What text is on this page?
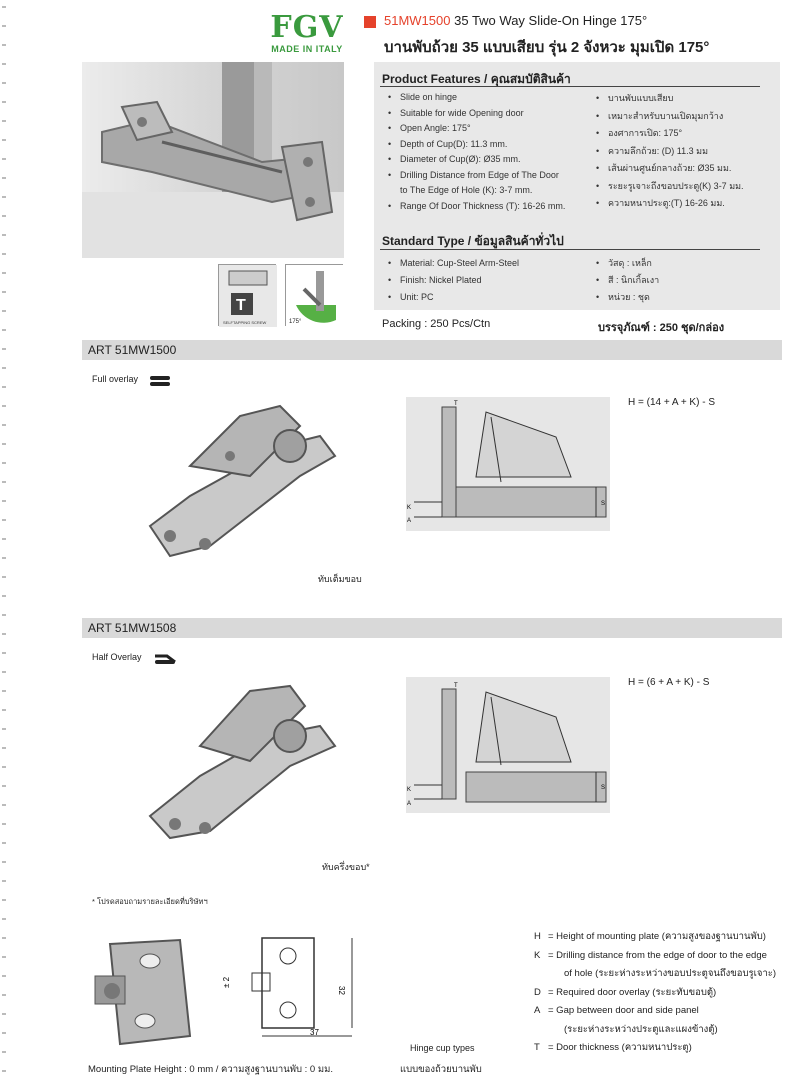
FGV
MADE IN ITALY
51MW1500 35 Two Way Slide-On Hinge 175°
บานพับถ้วย 35 แบบเสียบ รุ่น 2 จังหวะ มุมเปิด 175°
T
SELFTAPPING SCREW	175°
Product Features / คุณสมบัติสินค้า
• Slide on hinge
• Suitable for wide Opening door
• Open Angle: 175°
• Depth of Cup(D): 11.3 mm.
• Diameter of Cup(Ø): Ø35 mm.
• Drilling Distance from Edge of The Door
to The Edge of Hole (K): 3-7 mm.
• Range Of Door Thickness (T): 16-26 mm.
• บานพับแบบเสียบ
• เหมาะสำหรับบานเปิดมุมกว้าง
• องศาการเปิด: 175°
• ความลึกถ้วย: (D) 11.3 มม
• เส้นผ่านศูนย์กลางถ้วย: Ø35 มม.
• ระยะรูเจาะถึงขอบประตู(K) 3-7 มม.
• ความหนาประตู:(T) 16-26 มม.
Standard Type / ข้อมูลสินค้าทั่วไป
• Material: Cup-Steel Arm-Steel
• Finish: Nickel Plated
• Unit: PC
• วัสดุ : เหล็ก
• สี : นิกเกิ้ลเงา
• หน่วย : ชุด
Packing : 250 Pcs/Ctn	บรรจุภัณฑ์ : 250 ชุด/กล่อง
ART 51MW1500
Full overlay
ทับเต็มขอบ
T
K
A
S
H = (14 + A + K) - S
ART 51MW1508
Half Overlay
ทับครึ่งขอบ*
T
K
A
S
H = (6 + A + K) - S
* โปรดสอบถามรายละเอียดที่บริษัทฯ
32
37
± 2
Mounting Plate Height : 0 mm / ความสูงฐานบานพับ : 0 มม.
Hinge cup types
แบบของถ้วยบานพับ
H = Height of mounting plate (ความสูงของฐานบานพับ)
K = Drilling distance from the edge of door to the edge
of hole (ระยะห่างระหว่างขอบประตูจนถึงขอบรูเจาะ)
D = Required door overlay (ระยะทับขอบตู้)
A = Gap between door and side panel
(ระยะห่างระหว่างประตูและแผงข้างตู้)
T = Door thickness (ความหนาประตู)
